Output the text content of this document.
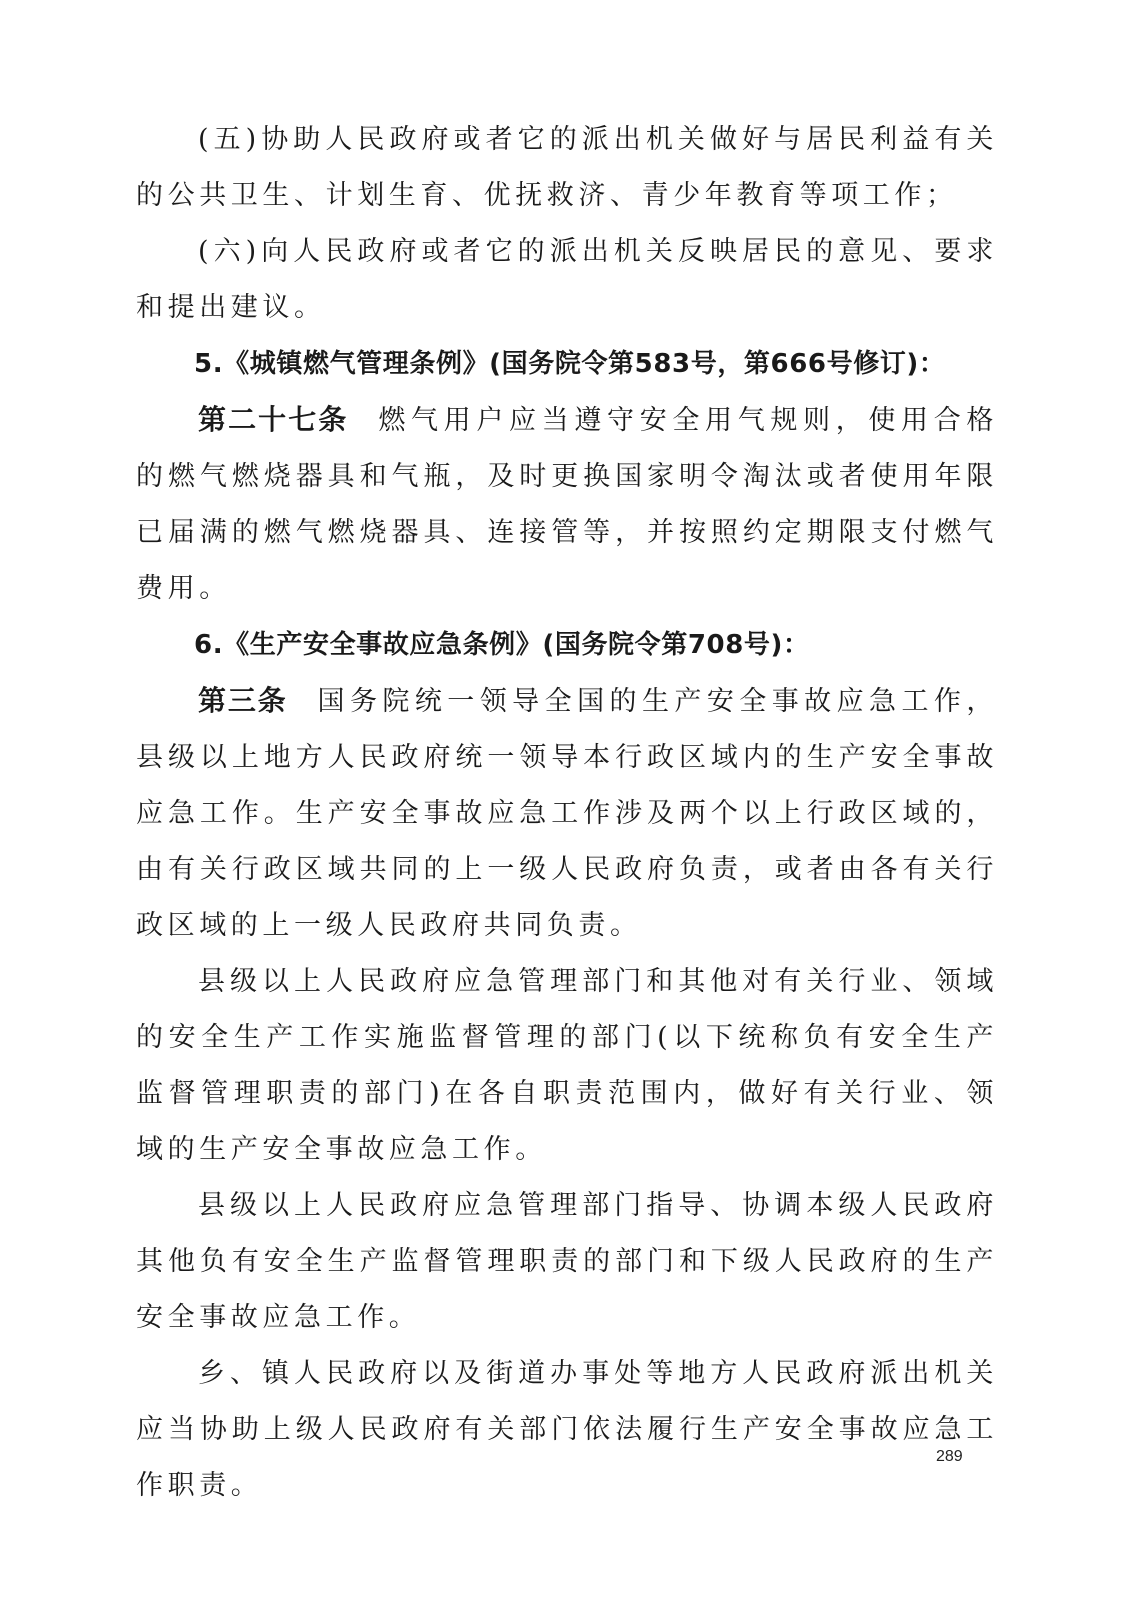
(五)协助人民政府或者它的派出机关做好与居民利益有关的公共卫生、计划生育、优抚救济、青少年教育等项工作；

(六)向人民政府或者它的派出机关反映居民的意见、要求和提出建议。

5.《城镇燃气管理条例》(国务院令第583号，第666号修订)：

第二十七条 燃气用户应当遵守安全用气规则，使用合格的燃气燃烧器具和气瓶，及时更换国家明令淘汰或者使用年限已届满的燃气燃烧器具、连接管等，并按照约定期限支付燃气费用。

6.《生产安全事故应急条例》(国务院令第708号)：

第三条 国务院统一领导全国的生产安全事故应急工作，县级以上地方人民政府统一领导本行政区域内的生产安全事故应急工作。生产安全事故应急工作涉及两个以上行政区域的，由有关行政区域共同的上一级人民政府负责，或者由各有关行政区域的上一级人民政府共同负责。

县级以上人民政府应急管理部门和其他对有关行业、领域的安全生产工作实施监督管理的部门(以下统称负有安全生产监督管理职责的部门)在各自职责范围内，做好有关行业、领域的生产安全事故应急工作。

县级以上人民政府应急管理部门指导、协调本级人民政府其他负有安全生产监督管理职责的部门和下级人民政府的生产安全事故应急工作。

乡、镇人民政府以及街道办事处等地方人民政府派出机关应当协助上级人民政府有关部门依法履行生产安全事故应急工作职责。

289
